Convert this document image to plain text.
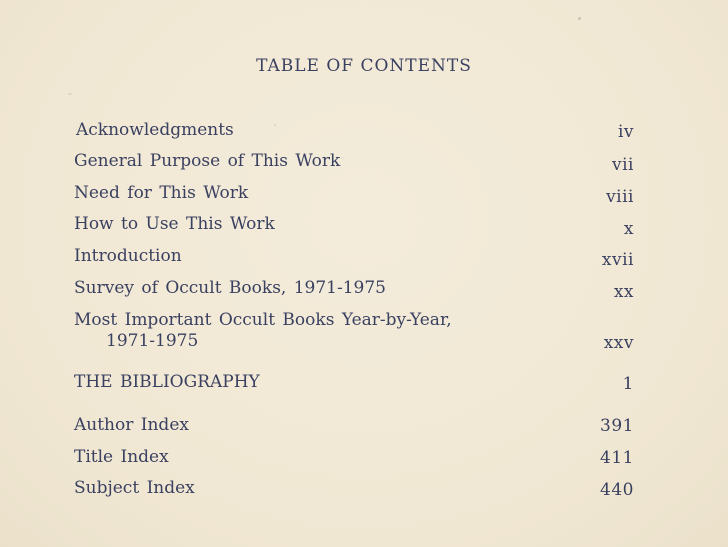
TABLE OF CONTENTS
Acknowledgments	iv
General Purpose of This Work	vii
Need for This Work	viii
How to Use This Work	x
Introduction	xvii
Survey of Occult Books, 1971-1975	xx
Most Important Occult Books Year-by-Year,
1971-1975	xxv
THE BIBLIOGRAPHY	1
Author Index	391
Title Index	411
Subject Index	440
